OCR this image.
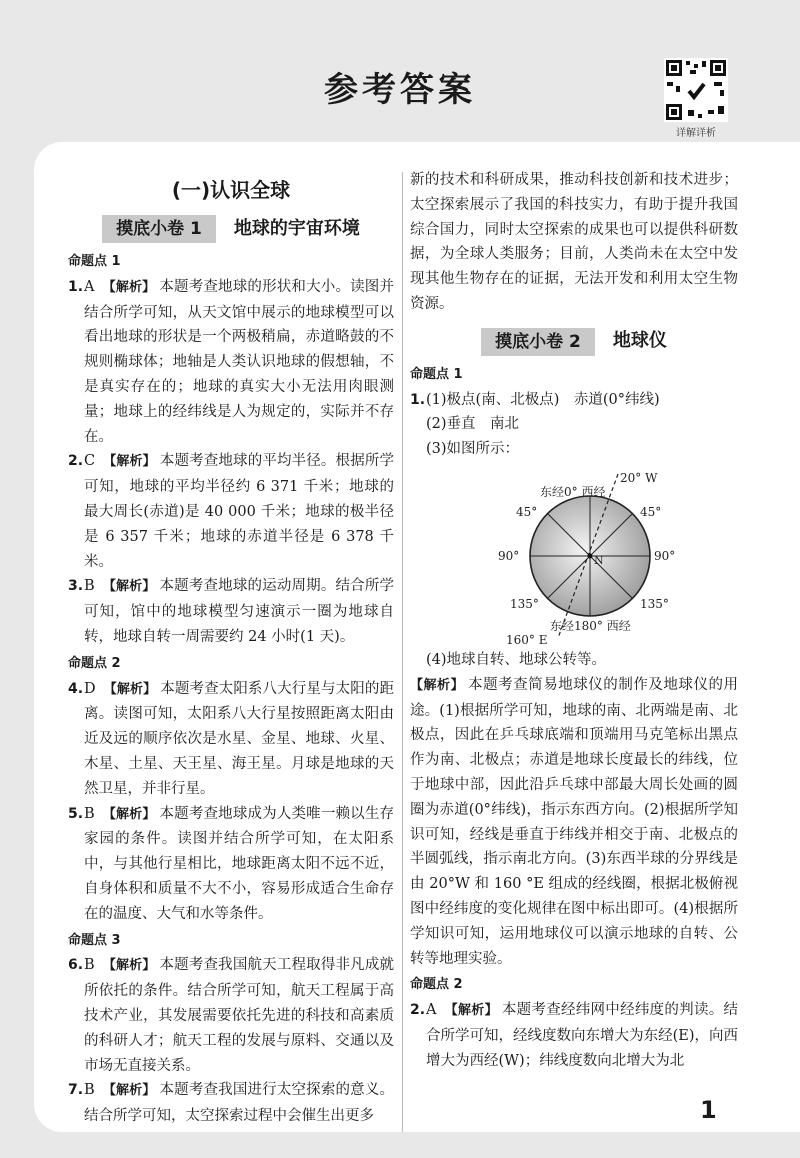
参考答案
详解详析
(一)认识全球
摸底小卷 1	地球的宇宙环境
命题点 1
1. A 【解析】 本题考查地球的形状和大小。读图并结合所学可知，从天文馆中展示的地球模型可以看出地球的形状是一个两极稍扁，赤道略鼓的不规则椭球体；地轴是人类认识地球的假想轴，不是真实存在的；地球的真实大小无法用肉眼测量；地球上的经纬线是人为规定的，实际并不存在。
2. C 【解析】 本题考查地球的平均半径。根据所学可知，地球的平均半径约 6 371 千米；地球的最大周长(赤道)是 40 000 千米；地球的极半径是 6 357 千米；地球的赤道半径是 6 378 千米。
3. B 【解析】 本题考查地球的运动周期。结合所学可知，馆中的地球模型匀速演示一圈为地球自转，地球自转一周需要约 24 小时(1 天)。
命题点 2
4. D 【解析】 本题考查太阳系八大行星与太阳的距离。读图可知，太阳系八大行星按照距离太阳由近及远的顺序依次是水星、金星、地球、火星、木星、土星、天王星、海王星。月球是地球的天然卫星，并非行星。
5. B 【解析】 本题考查地球成为人类唯一赖以生存家园的条件。读图并结合所学可知，在太阳系中，与其他行星相比，地球距离太阳不远不近，自身体积和质量不大不小，容易形成适合生命存在的温度、大气和水等条件。
命题点 3
6. B 【解析】 本题考查我国航天工程取得非凡成就所依托的条件。结合所学可知，航天工程属于高技术产业，其发展需要依托先进的科技和高素质的科研人才；航天工程的发展与原料、交通以及市场无直接关系。
7. B 【解析】 本题考查我国进行太空探索的意义。结合所学可知，太空探索过程中会催生出更多
新的技术和科研成果，推动科技创新和技术进步；太空探索展示了我国的科技实力，有助于提升我国综合国力，同时太空探索的成果也可以提供科研数据，为全球人类服务；目前，人类尚未在太空中发现其他生物存在的证据，无法开发和利用太空生物资源。
摸底小卷 2	地球仪
命题点 1
1. (1)极点(南、北极点)　赤道(0°纬线)
(2)垂直　南北
(3)如图所示：
20° W
东经0° 西经
45°	45°
90°	90°
N
135°	135°
东经180° 西经
160° E
(4)地球自转、地球公转等。
【解析】 本题考查简易地球仪的制作及地球仪的用途。(1)根据所学可知，地球的南、北两端是南、北极点，因此在乒乓球底端和顶端用马克笔标出黑点作为南、北极点；赤道是地球长度最长的纬线，位于地球中部，因此沿乒乓球中部最大周长处画的圆圈为赤道(0°纬线)，指示东西方向。(2)根据所学知识可知，经线是垂直于纬线并相交于南、北极点的半圆弧线，指示南北方向。(3)东西半球的分界线是由 20°W 和 160 °E 组成的经线圈，根据北极俯视图中经纬度的变化规律在图中标出即可。(4)根据所学知识可知，运用地球仪可以演示地球的自转、公转等地理实验。
命题点 2
2. A 【解析】 本题考查经纬网中经纬度的判读。结合所学可知，经线度数向东增大为东经(E)，向西增大为西经(W)；纬线度数向北增大为北
1
